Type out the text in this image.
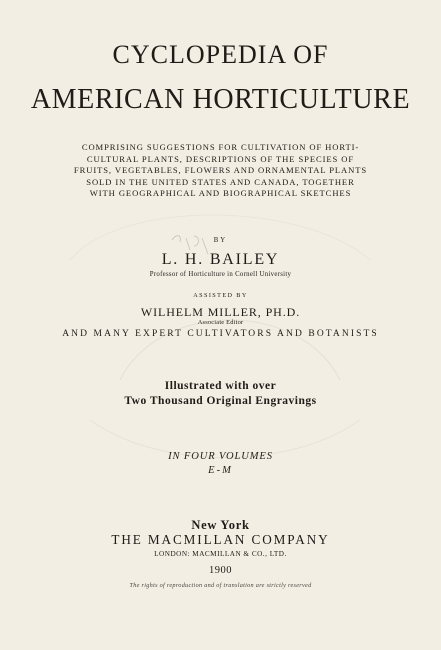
CYCLOPEDIA OF
AMERICAN HORTICULTURE
COMPRISING SUGGESTIONS FOR CULTIVATION OF HORTI-
CULTURAL PLANTS, DESCRIPTIONS OF THE SPECIES OF
FRUITS, VEGETABLES, FLOWERS AND ORNAMENTAL PLANTS
SOLD IN THE UNITED STATES AND CANADA, TOGETHER
WITH GEOGRAPHICAL AND BIOGRAPHICAL SKETCHES
BY
L. H. BAILEY
Professor of Horticulture in Cornell University
ASSISTED BY
WILHELM MILLER, PH.D.
Associate Editor
AND MANY EXPERT CULTIVATORS AND BOTANISTS
Illustrated with over
Two Thousand Original Engravings
IN FOUR VOLUMES
E-M
New York
THE MACMILLAN COMPANY
LONDON: MACMILLAN & CO., LTD.
1900
The rights of reproduction and of translation are strictly reserved
